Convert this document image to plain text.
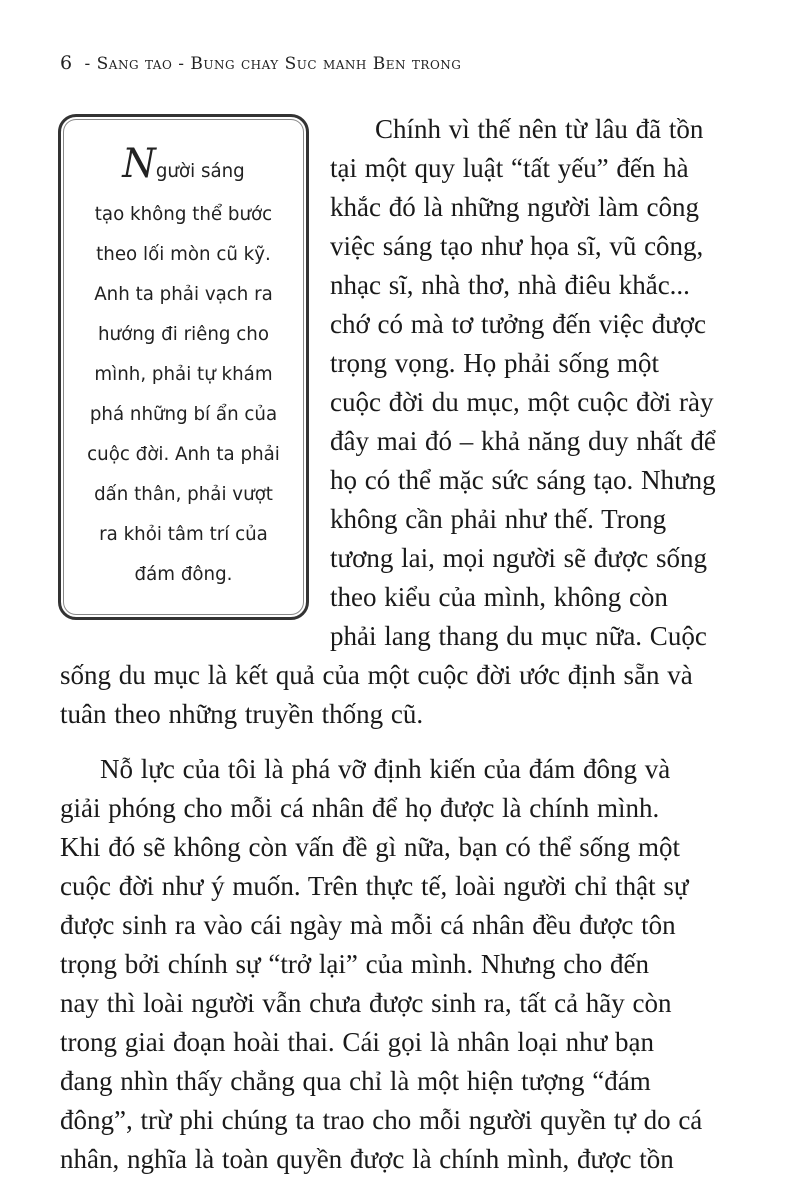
6 - Sang tao - Bung chay Suc manh Ben trong
Người sáng
tạo không thể bước
theo lối mòn cũ kỹ.
Anh ta phải vạch ra
hướng đi riêng cho
mình, phải tự khám
phá những bí ẩn của
cuộc đời. Anh ta phải
dấn thân, phải vượt
ra khỏi tâm trí của
đám đông.
Chính vì thế nên từ lâu đã tồn
tại một quy luật “tất yếu” đến hà
khắc đó là những người làm công
việc sáng tạo như họa sĩ, vũ công,
nhạc sĩ, nhà thơ, nhà điêu khắc...
chớ có mà tơ tưởng đến việc được
trọng vọng. Họ phải sống một
cuộc đời du mục, một cuộc đời rày
đây mai đó – khả năng duy nhất để
họ có thể mặc sức sáng tạo. Nhưng
không cần phải như thế. Trong
tương lai, mọi người sẽ được sống
theo kiểu của mình, không còn
phải lang thang du mục nữa. Cuộc
sống du mục là kết quả của một cuộc đời ước định sẵn và
tuân theo những truyền thống cũ.
Nỗ lực của tôi là phá vỡ định kiến của đám đông và
giải phóng cho mỗi cá nhân để họ được là chính mình.
Khi đó sẽ không còn vấn đề gì nữa, bạn có thể sống một
cuộc đời như ý muốn. Trên thực tế, loài người chỉ thật sự
được sinh ra vào cái ngày mà mỗi cá nhân đều được tôn
trọng bởi chính sự “trở lại” của mình. Nhưng cho đến
nay thì loài người vẫn chưa được sinh ra, tất cả hãy còn
trong giai đoạn hoài thai. Cái gọi là nhân loại như bạn
đang nhìn thấy chẳng qua chỉ là một hiện tượng “đám
đông”, trừ phi chúng ta trao cho mỗi người quyền tự do cá
nhân, nghĩa là toàn quyền được là chính mình, được tồn
